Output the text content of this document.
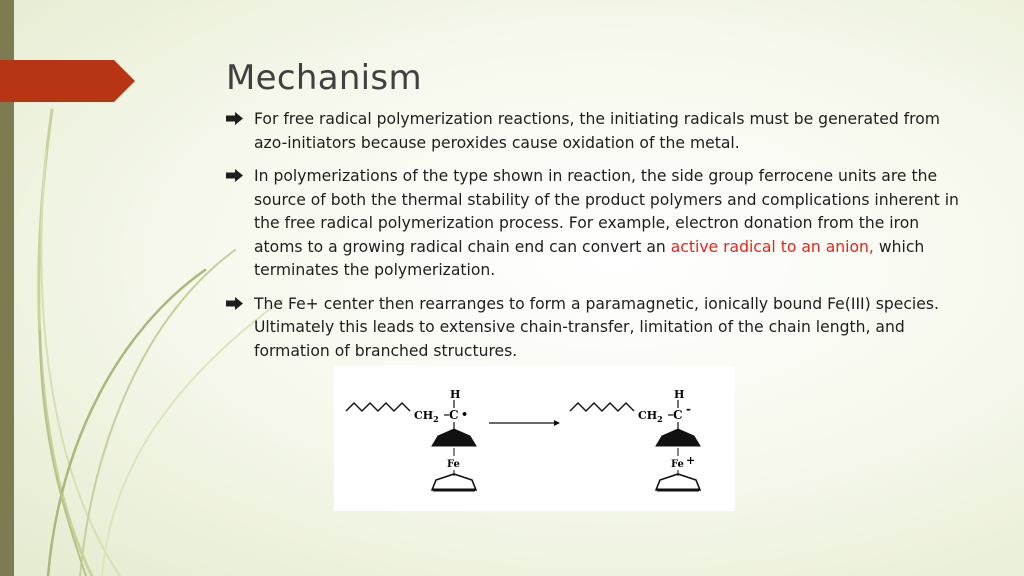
Mechanism
For free radical polymerization reactions, the initiating radicals must be generated from azo-initiators because peroxides cause oxidation of the metal.
In polymerizations of the type shown in reaction, the side group ferrocene units are the source of both the thermal stability of the product polymers and complications inherent in the free radical polymerization process. For example, electron donation from the iron atoms to a growing radical chain end can convert an active radical to an anion, which terminates the polymerization.
The Fe+ center then rearranges to form a paramagnetic, ionically bound Fe(III) species. Ultimately this leads to extensive chain-transfer, limitation of the chain length, and formation of branched structures.
$CH_2$ C •
H
Fe
$CH_2$ C -
H
Fe +
